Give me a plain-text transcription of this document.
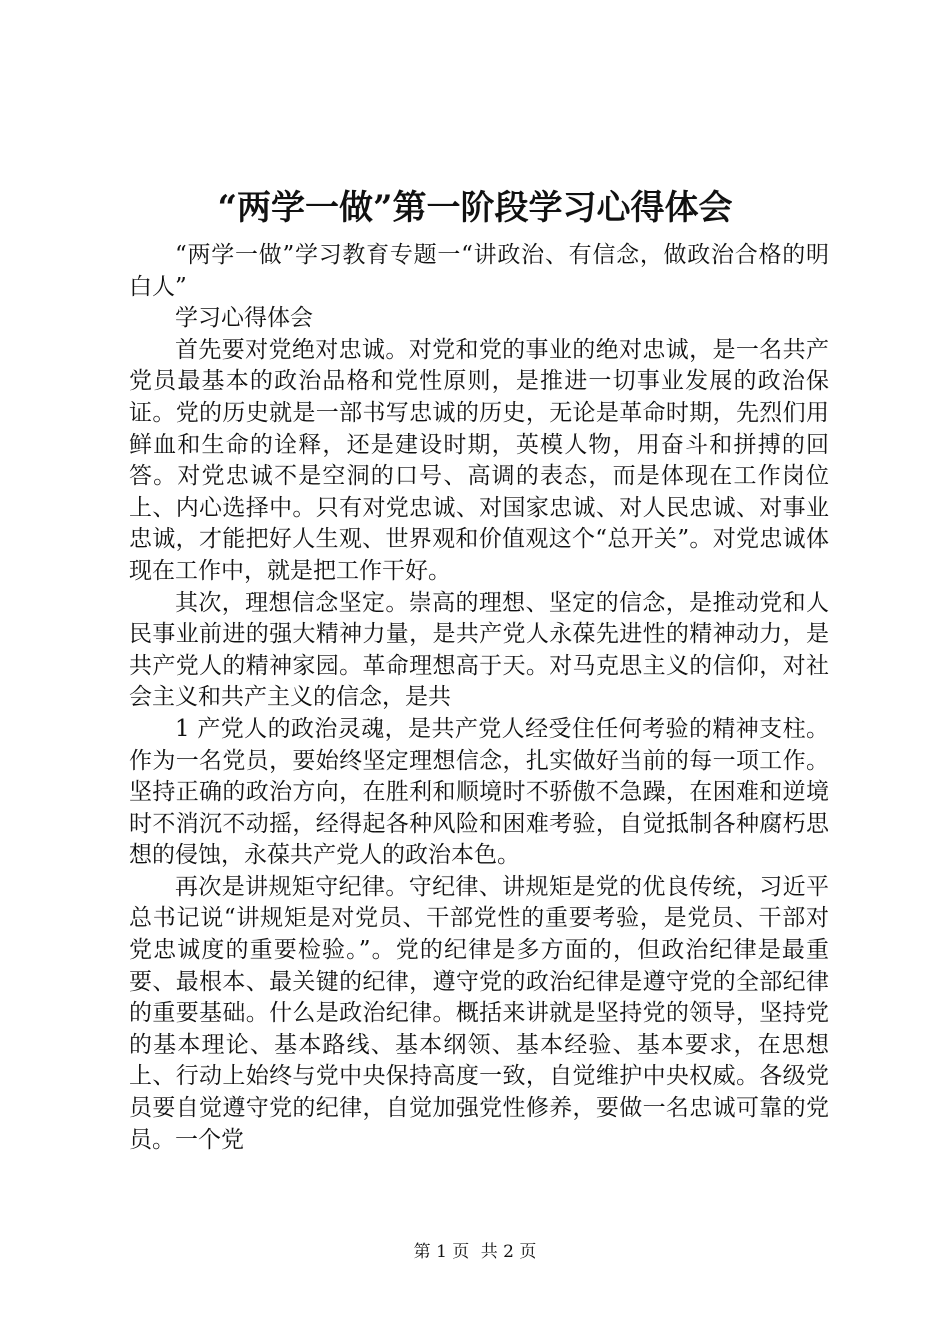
“两学一做”第一阶段学习心得体会

“两学一做”学习教育专题一“讲政治、有信念，做政治合格的明白人”

学习心得体会

首先要对党绝对忠诚。对党和党的事业的绝对忠诚，是一名共产党员最基本的政治品格和党性原则，是推进一切事业发展的政治保证。党的历史就是一部书写忠诚的历史，无论是革命时期，先烈们用鲜血和生命的诠释，还是建设时期，英模人物，用奋斗和拼搏的回答。对党忠诚不是空洞的口号、高调的表态，而是体现在工作岗位上、内心选择中。只有对党忠诚、对国家忠诚、对人民忠诚、对事业忠诚，才能把好人生观、世界观和价值观这个“总开关”。对党忠诚体现在工作中，就是把工作干好。

其次，理想信念坚定。崇高的理想、坚定的信念，是推动党和人民事业前进的强大精神力量，是共产党人永葆先进性的精神动力，是共产党人的精神家园。革命理想高于天。对马克思主义的信仰，对社会主义和共产主义的信念，是共

1 产党人的政治灵魂，是共产党人经受住任何考验的精神支柱。作为一名党员，要始终坚定理想信念，扎实做好当前的每一项工作。坚持正确的政治方向，在胜利和顺境时不骄傲不急躁，在困难和逆境时不消沉不动摇，经得起各种风险和困难考验，自觉抵制各种腐朽思想的侵蚀，永葆共产党人的政治本色。

再次是讲规矩守纪律。守纪律、讲规矩是党的优良传统，习近平总书记说“讲规矩是对党员、干部党性的重要考验，是党员、干部对党忠诚度的重要检验。”。党的纪律是多方面的，但政治纪律是最重要、最根本、最关键的纪律，遵守党的政治纪律是遵守党的全部纪律的重要基础。什么是政治纪律。概括来讲就是坚持党的领导，坚持党的基本理论、基本路线、基本纲领、基本经验、基本要求，在思想上、行动上始终与党中央保持高度一致，自觉维护中央权威。各级党员要自觉遵守党的纪律，自觉加强党性修养，要做一名忠诚可靠的党员。一个党

第 1 页 共 2 页
